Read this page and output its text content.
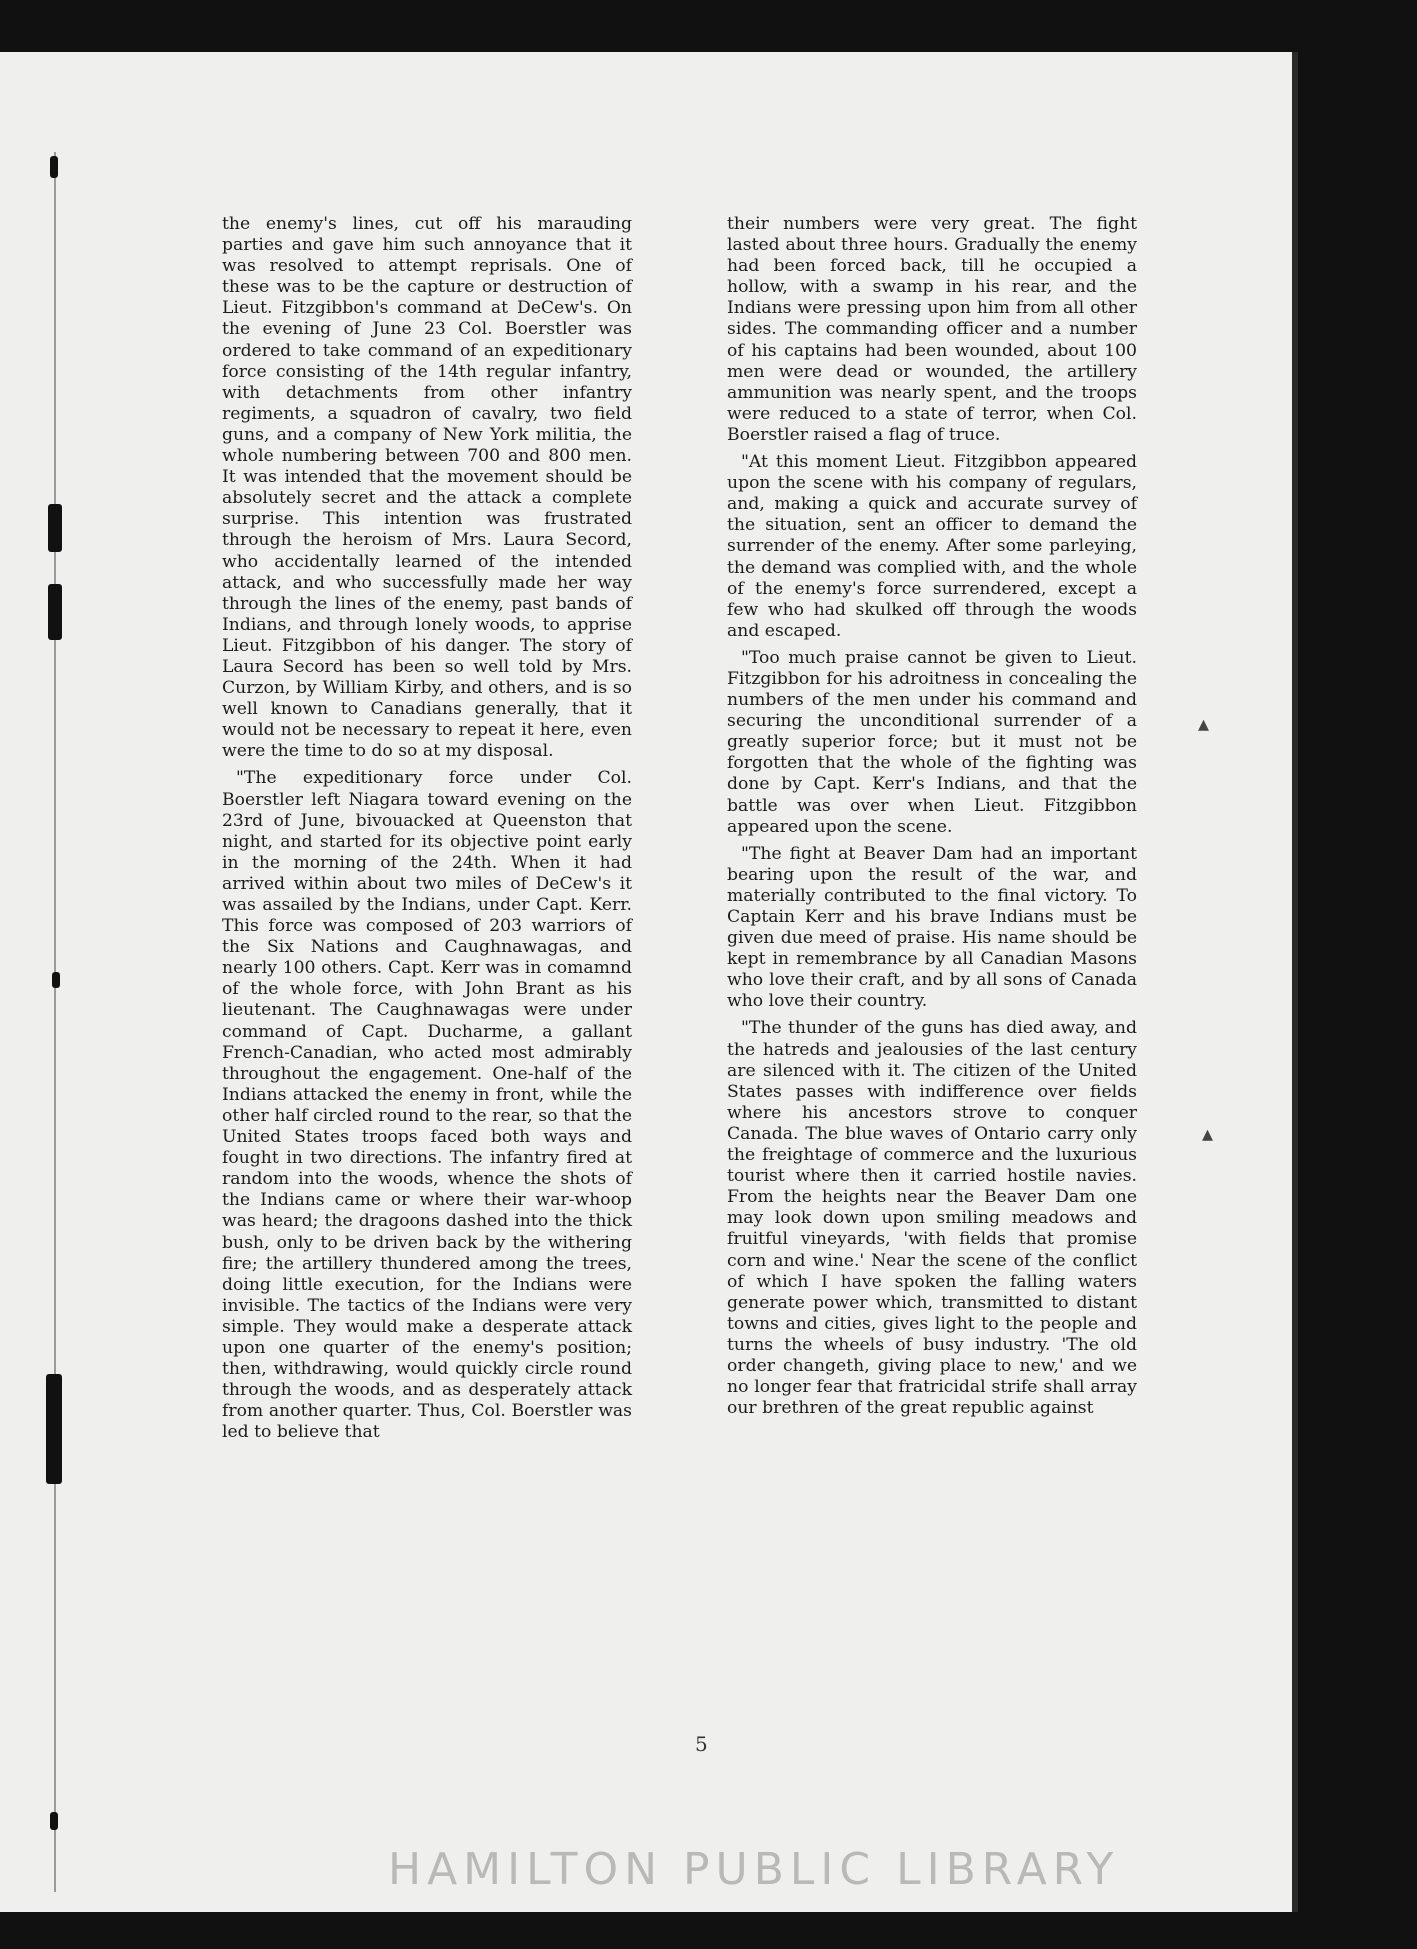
the enemy's lines, cut off his marauding parties and gave him such annoyance that it was resolved to attempt reprisals. One of these was to be the capture or destruction of Lieut. Fitzgibbon's command at DeCew's. On the evening of June 23 Col. Boerstler was ordered to take command of an expeditionary force consisting of the 14th regular infantry, with detachments from other infantry regiments, a squadron of cavalry, two field guns, and a company of New York militia, the whole numbering between 700 and 800 men. It was intended that the movement should be absolutely secret and the attack a complete surprise. This intention was frustrated through the heroism of Mrs. Laura Secord, who accidentally learned of the intended attack, and who successfully made her way through the lines of the enemy, past bands of Indians, and through lonely woods, to apprise Lieut. Fitzgibbon of his danger. The story of Laura Secord has been so well told by Mrs. Curzon, by William Kirby, and others, and is so well known to Canadians generally, that it would not be necessary to repeat it here, even were the time to do so at my disposal.

"The expeditionary force under Col. Boerstler left Niagara toward evening on the 23rd of June, bivouacked at Queenston that night, and started for its objective point early in the morning of the 24th. When it had arrived within about two miles of DeCew's it was assailed by the Indians, under Capt. Kerr. This force was composed of 203 warriors of the Six Nations and Caughnawagas, and nearly 100 others. Capt. Kerr was in comamnd of the whole force, with John Brant as his lieutenant. The Caughnawagas were under command of Capt. Ducharme, a gallant French-Canadian, who acted most admirably throughout the engagement. One-half of the Indians attacked the enemy in front, while the other half circled round to the rear, so that the United States troops faced both ways and fought in two directions. The infantry fired at random into the woods, whence the shots of the Indians came or where their war-whoop was heard; the dragoons dashed into the thick bush, only to be driven back by the withering fire; the artillery thundered among the trees, doing little execution, for the Indians were invisible. The tactics of the Indians were very simple. They would make a desperate attack upon one quarter of the enemy's position; then, withdrawing, would quickly circle round through the woods, and as desperately attack from another quarter. Thus, Col. Boerstler was led to believe that

their numbers were very great. The fight lasted about three hours. Gradually the enemy had been forced back, till he occupied a hollow, with a swamp in his rear, and the Indians were pressing upon him from all other sides. The commanding officer and a number of his captains had been wounded, about 100 men were dead or wounded, the artillery ammunition was nearly spent, and the troops were reduced to a state of terror, when Col. Boerstler raised a flag of truce.

"At this moment Lieut. Fitzgibbon appeared upon the scene with his company of regulars, and, making a quick and accurate survey of the situation, sent an officer to demand the surrender of the enemy. After some parleying, the demand was complied with, and the whole of the enemy's force surrendered, except a few who had skulked off through the woods and escaped.

"Too much praise cannot be given to Lieut. Fitzgibbon for his adroitness in concealing the numbers of the men under his command and securing the unconditional surrender of a greatly superior force; but it must not be forgotten that the whole of the fighting was done by Capt. Kerr's Indians, and that the battle was over when Lieut. Fitzgibbon appeared upon the scene.

"The fight at Beaver Dam had an important bearing upon the result of the war, and materially contributed to the final victory. To Captain Kerr and his brave Indians must be given due meed of praise. His name should be kept in remembrance by all Canadian Masons who love their craft, and by all sons of Canada who love their country.

"The thunder of the guns has died away, and the hatreds and jealousies of the last century are silenced with it. The citizen of the United States passes with indifference over fields where his ancestors strove to conquer Canada. The blue waves of Ontario carry only the freightage of commerce and the luxurious tourist where then it carried hostile navies. From the heights near the Beaver Dam one may look down upon smiling meadows and fruitful vineyards, 'with fields that promise corn and wine.' Near the scene of the conflict of which I have spoken the falling waters generate power which, transmitted to distant towns and cities, gives light to the people and turns the wheels of busy industry. 'The old order changeth, giving place to new,' and we no longer fear that fratricidal strife shall array our brethren of the great republic against

▴
▴
5
HAMILTON PUBLIC LIBRARY
